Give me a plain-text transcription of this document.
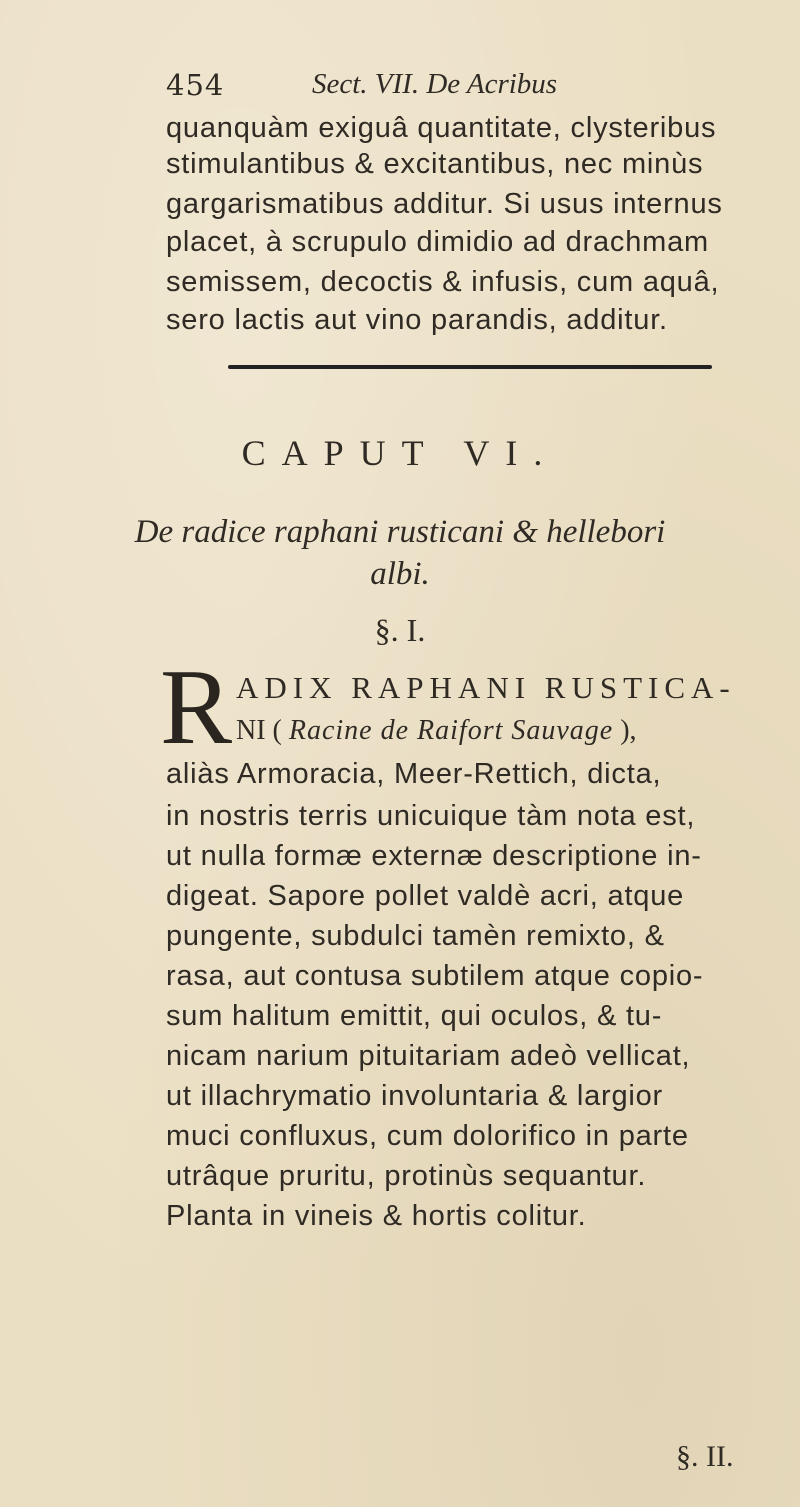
454	Sect. VII. De Acribus
quanquàm exiguâ quantitate, clysteribus
stimulantibus & excitantibus, nec minùs
gargarismatibus additur. Si usus internus
placet, à scrupulo dimidio ad drachmam
semissem, decoctis & infusis, cum aquâ,
sero lactis aut vino parandis, additur.
CAPUT VI.
De radice raphani rusticani & hellebori
albi.
§. I.
R ADIX RAPHANI RUSTICA-
NI ( Racine de Raifort Sauvage ),
aliàs Armoracia, Meer-Rettich, dicta,
in nostris terris unicuique tàm nota est,
ut nulla formæ externæ descriptione in-
digeat. Sapore pollet valdè acri, atque
pungente, subdulci tamèn remixto, &
rasa, aut contusa subtilem atque copio-
sum halitum emittit, qui oculos, & tu-
nicam narium pituitariam adeò vellicat,
ut illachrymatio involuntaria & largior
muci confluxus, cum dolorifico in parte
utrâque pruritu, protinùs sequantur.
Planta in vineis & hortis colitur.
§. II.
